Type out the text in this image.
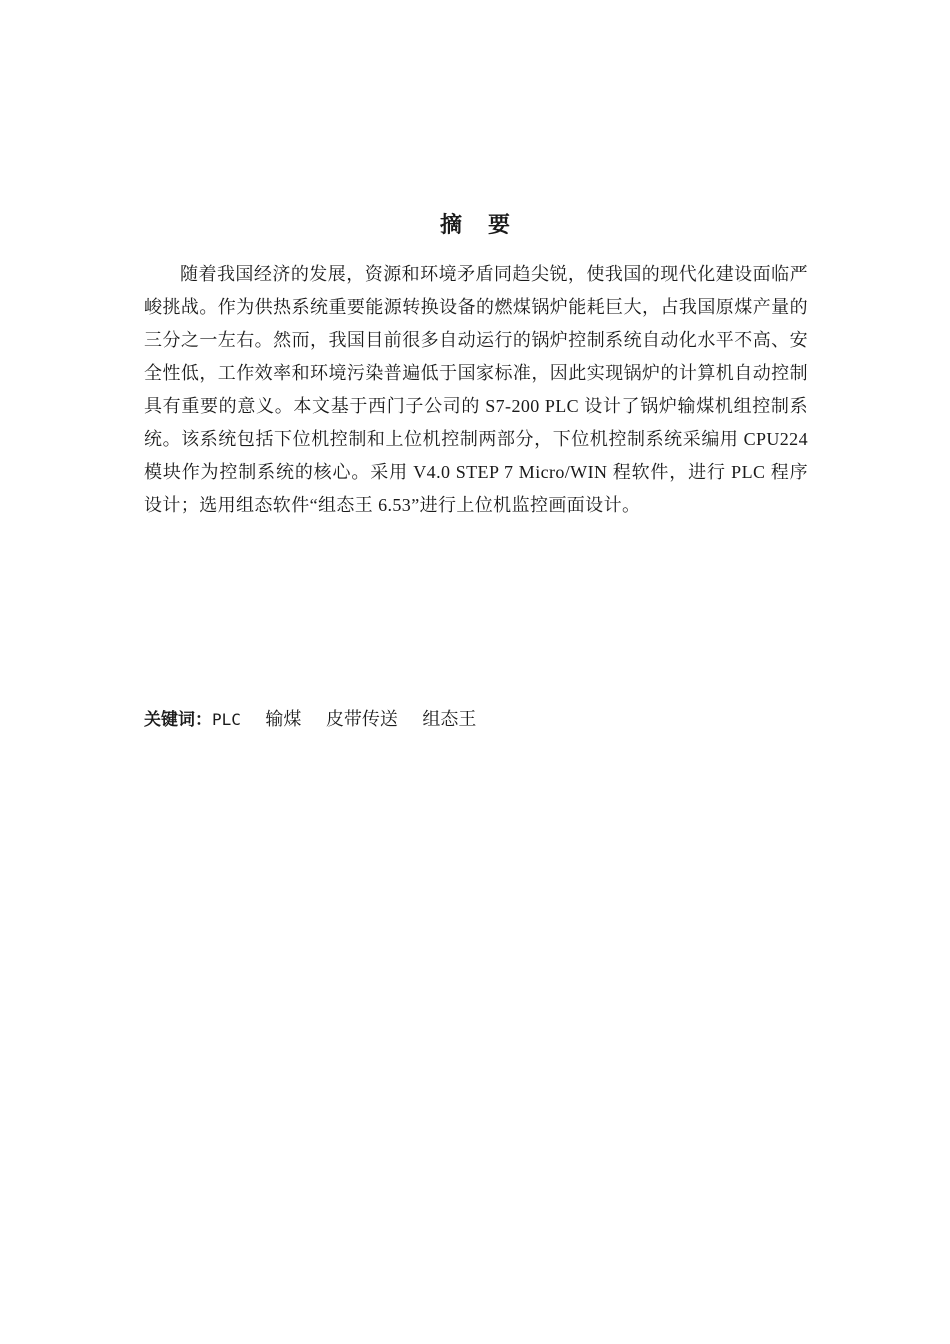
摘要

随着我国经济的发展，资源和环境矛盾同趋尖锐，使我国的现代化建设面临严峻挑战。作为供热系统重要能源转换设备的燃煤锅炉能耗巨大，占我国原煤产量的三分之一左右。然而，我国目前很多自动运行的锅炉控制系统自动化水平不高、安全性低，工作效率和环境污染普遍低于国家标准，因此实现锅炉的计算机自动控制具有重要的意义。本文基于西门子公司的 S7-200 PLC 设计了锅炉输煤机组控制系统。该系统包括下位机控制和上位机控制两部分，下位机控制系统采编用 CPU224 模块作为控制系统的核心。采用 V4.0 STEP 7 Micro/WIN 程软件，进行 PLC 程序设计；选用组态软件“组态王 6.53”进行上位机监控画面设计。

关键词：PLC 输煤 皮带传送 组态王
